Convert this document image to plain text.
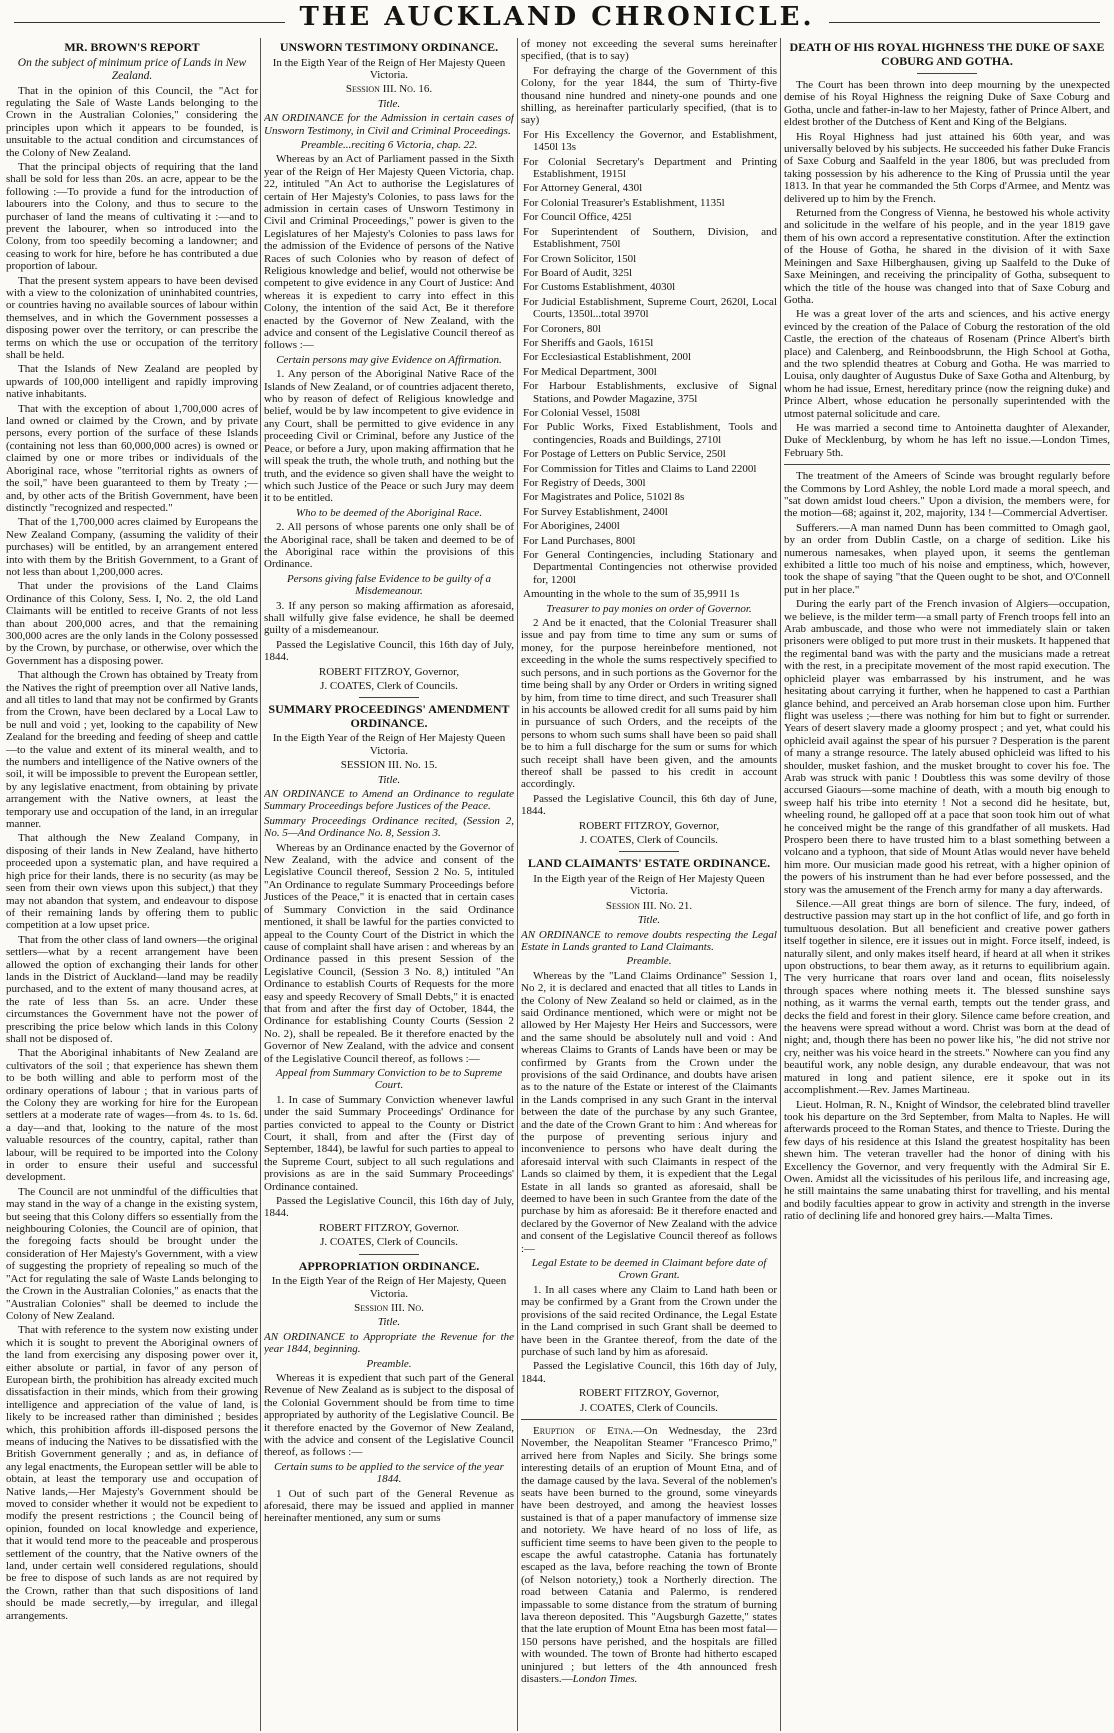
THE AUCKLAND CHRONICLE.
MR. BROWN'S REPORT
On the subject of minimum price of Lands in New Zealand.

That in the opinion of this Council, the "Act for regulating the Sale of Waste Lands belonging to the Crown in the Australian Colonies," considering the principles upon which it appears to be founded, is unsuitable to the actual condition and circumstances of the Colony of New Zealand.

That the principal objects of requiring that the land shall be sold for less than 20s. an acre, appear to be the following :—To provide a fund for the introduction of labourers into the Colony, and thus to secure to the purchaser of land the means of cultivating it :—and to prevent the labourer, when so introduced into the Colony, from too speedily becoming a landowner; and ceasing to work for hire, before he has contributed a due proportion of labour.

That the present system appears to have been devised with a view to the colonization of uninhabited countries, or countries having no available sources of labour within themselves, and in which the Government possesses a disposing power over the territory, or can prescribe the terms on which the use or occupation of the territory shall be held.

That the Islands of New Zealand are peopled by upwards of 100,000 intelligent and rapidly improving native inhabitants.

That with the exception of about 1,700,000 acres of land owned or claimed by the Crown, and by private persons, every portion of the surface of these Islands (containing not less than 60,000,000 acres) is owned or claimed by one or more tribes or individuals of the Aboriginal race, whose "territorial rights as owners of the soil," have been guaranteed to them by Treaty ;—and, by other acts of the British Government, have been distinctly "recognized and respected."

That of the 1,700,000 acres claimed by Europeans the New Zealand Company, (assuming the validity of their purchases) will be entitled, by an arrangement entered into with them by the British Government, to a Grant of not less than about 1,200,000 acres.

That under the provisions of the Land Claims Ordinance of this Colony, Sess. I, No. 2, the old Land Claimants will be entitled to receive Grants of not less than about 200,000 acres, and that the remaining 300,000 acres are the only lands in the Colony possessed by the Crown, by purchase, or otherwise, over which the Government has a disposing power.

That although the Crown has obtained by Treaty from the Natives the right of preemption over all Native lands, and all titles to land that may not be confirmed by Grants from the Crown, have been declared by a Local Law to be null and void ; yet, looking to the capability of New Zealand for the breeding and feeding of sheep and cattle—to the value and extent of its mineral wealth, and to the numbers and intelligence of the Native owners of the soil, it will be impossible to prevent the European settler, by any legislative enactment, from obtaining by private arrangement with the Native owners, at least the temporary use and occupation of the land, in an irregular manner.

That although the New Zealand Company, in disposing of their lands in New Zealand, have hitherto proceeded upon a systematic plan, and have required a high price for their lands, there is no security (as may be seen from their own views upon this subject,) that they may not abandon that system, and endeavour to dispose of their remaining lands by offering them to public competition at a low upset price.

That from the other class of land owners—the original settlers—what by a recent arrangement have been allowed the option of exchanging their lands for other lands in the District of Auckland—land may be readily purchased, and to the extent of many thousand acres, at the rate of less than 5s. an acre. Under these circumstances the Government have not the power of prescribing the price below which lands in this Colony shall not be disposed of.

That the Aboriginal inhabitants of New Zealand are cultivators of the soil ; that experience has shewn them to be both willing and able to perform most of the ordinary operations of labour ; that in various parts of the Colony they are working for hire for the European settlers at a moderate rate of wages—from 4s. to 1s. 6d. a day—and that, looking to the nature of the most valuable resources of the country, capital, rather than labour, will be required to be imported into the Colony in order to ensure their useful and successful development.

The Council are not unmindful of the difficulties that may stand in the way of a change in the existing system, but seeing that this Colony differs so essentially from the neighbouring Colonies, the Council are of opinion, that the foregoing facts should be brought under the consideration of Her Majesty's Government, with a view of suggesting the propriety of repealing so much of the "Act for regulating the sale of Waste Lands belonging to the Crown in the Australian Colonies," as enacts that the "Australian Colonies" shall be deemed to include the Colony of New Zealand.

That with reference to the system now existing under which it is sought to prevent the Aboriginal owners of the land from exercising any disposing power over it, either absolute or partial, in favor of any person of European birth, the prohibition has already excited much dissatisfaction in their minds, which from their growing intelligence and appreciation of the value of land, is likely to be increased rather than diminished ; besides which, this prohibition affords ill-disposed persons the means of inducing the Natives to be dissatisfied with the British Government generally ; and as, in defiance of any legal enactments, the European settler will be able to obtain, at least the temporary use and occupation of Native lands,—Her Majesty's Government should be moved to consider whether it would not be expedient to modify the present restrictions ; the Council being of opinion, founded on local knowledge and experience, that it would tend more to the peaceable and prosperous settlement of the country, that the Native owners of the land, under certain well considered regulations, should be free to dispose of such lands as are not required by the Crown, rather than that such dispositions of land should be made secretly,—by irregular, and illegal arrangements.

UNSWORN TESTIMONY ORDINANCE.

In the Eigth Year of the Reign of Her Majesty Queen Victoria.

Session III. No. 16.

Title.

AN ORDINANCE for the Admission in certain cases of Unsworn Testimony, in Civil and Criminal Proceedings.

Preamble...reciting 6 Victoria, chap. 22.

Whereas by an Act of Parliament passed in the Sixth year of the Reign of Her Majesty Queen Victoria, chap. 22, intituled "An Act to authorise the Legislatures of certain of Her Majesty's Colonies, to pass laws for the admission in certain cases of Unsworn Testimony in Civil and Criminal Proceedings," power is given to the Legislatures of her Majesty's Colonies to pass laws for the admission of the Evidence of persons of the Native Races of such Colonies who by reason of defect of Religious knowledge and belief, would not otherwise be competent to give evidence in any Court of Justice: And whereas it is expedient to carry into effect in this Colony, the intention of the said Act, Be it therefore enacted by the Governor of New Zealand, with the advice and consent of the Legislative Council thereof as follows :—

Certain persons may give Evidence on Affirmation.

1. Any person of the Aboriginal Native Race of the Islands of New Zealand, or of countries adjacent thereto, who by reason of defect of Religious knowledge and belief, would be by law incompetent to give evidence in any Court, shall be permitted to give evidence in any proceeding Civil or Criminal, before any Justice of the Peace, or before a Jury, upon making affirmation that he will speak the truth, the whole truth, and nothing but the truth, and the evidence so given shall have the weight to which such Justice of the Peace or such Jury may deem it to be entitled.

Who to be deemed of the Aboriginal Race.

2. All persons of whose parents one only shall be of the Aboriginal race, shall be taken and deemed to be of the Aboriginal race within the provisions of this Ordinance.

Persons giving false Evidence to be guilty of a Misdemeanour.

3. If any person so making affirmation as aforesaid, shall wilfully give false evidence, he shall be deemed guilty of a misdemeanour.

Passed the Legislative Council, this 16th day of July, 1844.

ROBERT FITZROY, Governor,

J. COATES, Clerk of Councils.

SUMMARY PROCEEDINGS' AMENDMENT ORDINANCE.

In the Eigth Year of the Reign of Her Majesty Queen Victoria.

SESSION III. No. 15.

Title.

AN ORDINANCE to Amend an Ordinance to regulate Summary Proceedings before Justices of the Peace.

Summary Proceedings Ordinance recited, (Session 2, No. 5—And Ordinance No. 8, Session 3.

Whereas by an Ordinance enacted by the Governor of New Zealand, with the advice and consent of the Legislative Council thereof, Session 2 No. 5, intituled "An Ordinance to regulate Summary Proceedings before Justices of the Peace," it is enacted that in certain cases of Summary Conviction in the said Ordinance mentioned, it shall be lawful for the parties convicted to appeal to the County Court of the District in which the cause of complaint shall have arisen : and whereas by an Ordinance passed in this present Session of the Legislative Council, (Session 3 No. 8,) intituled "An Ordinance to establish Courts of Requests for the more easy and speedy Recovery of Small Debts," it is enacted that from and after the first day of October, 1844, the Ordinance for establishing County Courts (Session 2 No. 2), shall be repealed. Be it therefore enacted by the Governor of New Zealand, with the advice and consent of the Legislative Council thereof, as follows :—

Appeal from Summary Conviction to be to Supreme Court.

1. In case of Summary Conviction whenever lawful under the said Summary Proceedings' Ordinance for parties convicted to appeal to the County or District Court, it shall, from and after the (First day of September, 1844), be lawful for such parties to appeal to the Supreme Court, subject to all such regulations and provisions as are in the said Summary Proceedings' Ordinance contained.

Passed the Legislative Council, this 16th day of July, 1844.

ROBERT FITZROY, Governor.

J. COATES, Clerk of Councils.

APPROPRIATION ORDINANCE.

In the Eigth Year of the Reign of Her Majesty, Queen Victoria.

Session III. No.

Title.

AN ORDINANCE to Appropriate the Revenue for the year 1844, beginning.

Preamble.

Whereas it is expedient that such part of the General Revenue of New Zealand as is subject to the disposal of the Colonial Government should be from time to time appropriated by authority of the Legislative Council. Be it therefore enacted by the Governor of New Zealand, with the advice and consent of the Legislative Council thereof, as follows :—

Certain sums to be applied to the service of the year 1844.

1 Out of such part of the General Revenue as aforesaid, there may be issued and applied in manner hereinafter mentioned, any sum or sums

of money not exceeding the several sums hereinafter specified, (that is to say)

For defraying the charge of the Government of this Colony, for the year 1844, the sum of Thirty-five thousand nine hundred and ninety-one pounds and one shilling, as hereinafter particularly specified, (that is to say)

For His Excellency the Governor, and Establishment, 1450l 13s

For Colonial Secretary's Department and Printing Establishment, 1915l

For Attorney General, 430l

For Colonial Treasurer's Establishment, 1135l

For Council Office, 425l

For Superintendent of Southern, Division, and Establishment, 750l

For Crown Solicitor, 150l

For Board of Audit, 325l

For Customs Establishment, 4030l

For Judicial Establishment, Supreme Court, 2620l, Local Courts, 1350l...total 3970l

For Coroners, 80l

For Sheriffs and Gaols, 1615l

For Ecclesiastical Establishment, 200l

For Medical Department, 300l

For Harbour Establishments, exclusive of Signal Stations, and Powder Magazine, 375l

For Colonial Vessel, 1508l

For Public Works, Fixed Establishment, Tools and contingencies, Roads and Buildings, 2710l

For Postage of Letters on Public Service, 250l

For Commission for Titles and Claims to Land 2200l

For Registry of Deeds, 300l

For Magistrates and Police, 5102l 8s

For Survey Establishment, 2400l

For Aborigines, 2400l

For Land Purchases, 800l

For General Contingencies, including Stationary and Departmental Contingencies not otherwise provided for, 1200l

Amounting in the whole to the sum of 35,991l 1s

Treasurer to pay monies on order of Governor.

2 And be it enacted, that the Colonial Treasurer shall issue and pay from time to time any sum or sums of money, for the purpose hereinbefore mentioned, not exceeding in the whole the sums respectively specified to such persons, and in such portions as the Governor for the time being shall by any Order or Orders in writing signed by him, from time to time direct, and such Treasurer shall in his accounts be allowed credit for all sums paid by him in pursuance of such Orders, and the receipts of the persons to whom such sums shall have been so paid shall be to him a full discharge for the sum or sums for which such receipt shall have been given, and the amounts thereof shall be passed to his credit in account accordingly.

Passed the Legislative Council, this 6th day of June, 1844.

ROBERT FITZROY, Governor,

J. COATES, Clerk of Councils.

LAND CLAIMANTS' ESTATE ORDINANCE.

In the Eigth year of the Reign of Her Majesty Queen Victoria.

Session III. No. 21.

Title.

AN ORDINANCE to remove doubts respecting the Legal Estate in Lands granted to Land Claimants.

Preamble.

Whereas by the "Land Claims Ordinance" Session 1, No 2, it is declared and enacted that all titles to Lands in the Colony of New Zealand so held or claimed, as in the said Ordinance mentioned, which were or might not be allowed by Her Majesty Her Heirs and Successors, were and the same should be absolutely null and void : And whereas Claims to Grants of Lands have been or may be confirmed by Grants from the Crown under the provisions of the said Ordinance, and doubts have arisen as to the nature of the Estate or interest of the Claimants in the Lands comprised in any such Grant in the interval between the date of the purchase by any such Grantee, and the date of the Crown Grant to him : And whereas for the purpose of preventing serious injury and inconvenience to persons who have dealt during the aforesaid interval with such Claimants in respect of the Lands so claimed by them, it is expedient that the Legal Estate in all lands so granted as aforesaid, shall be deemed to have been in such Grantee from the date of the purchase by him as aforesaid: Be it therefore enacted and declared by the Governor of New Zealand with the advice and consent of the Legislative Council thereof as follows :—

Legal Estate to be deemed in Claimant before date of Crown Grant.

1. In all cases where any Claim to Land hath been or may be confirmed by a Grant from the Crown under the provisions of the said recited Ordinance, the Legal Estate in the Land comprised in such Grant shall be deemed to have been in the Grantee thereof, from the date of the purchase of such land by him as aforesaid.

Passed the Legislative Council, this 16th day of July, 1844.

ROBERT FITZROY, Governor,

J. COATES, Clerk of Councils.

Eruption of Etna.—On Wednesday, the 23rd November, the Neapolitan Steamer "Francesco Primo," arrived here from Naples and Sicily. She brings some interesting details of an eruption of Mount Etna, and of the damage caused by the lava. Several of the noblemen's seats have been burned to the ground, some vineyards have been destroyed, and among the heaviest losses sustained is that of a paper manufactory of immense size and notoriety. We have heard of no loss of life, as sufficient time seems to have been given to the people to escape the awful catastrophe. Catania has fortunately escaped as the lava, before reaching the town of Bronte (of Nelson notoriety,) took a Northerly direction. The road between Catania and Palermo, is rendered impassable to some distance from the stratum of burning lava thereon deposited. This "Augsburgh Gazette," states that the late eruption of Mount Etna has been most fatal—150 persons have perished, and the hospitals are filled with wounded. The town of Bronte had hitherto escaped uninjured ; but letters of the 4th announced fresh disasters.—London Times.

DEATH OF HIS ROYAL HIGHNESS THE DUKE OF SAXE COBURG AND GOTHA.

The Court has been thrown into deep mourning by the unexpected demise of his Royal Highness the reigning Duke of Saxe Coburg and Gotha, uncle and father-in-law to her Majesty, father of Prince Albert, and eldest brother of the Dutchess of Kent and King of the Belgians.

His Royal Highness had just attained his 60th year, and was universally beloved by his subjects. He succeeded his father Duke Francis of Saxe Coburg and Saalfeld in the year 1806, but was precluded from taking possession by his adherence to the King of Prussia until the year 1813. In that year he commanded the 5th Corps d'Armee, and Mentz was delivered up to him by the French.

Returned from the Congress of Vienna, he bestowed his whole activity and solicitude in the welfare of his people, and in the year 1819 gave them of his own accord a representative constitution. After the extinction of the House of Gotha, he shared in the division of it with Saxe Meiningen and Saxe Hilberghausen, giving up Saalfeld to the Duke of Saxe Meiningen, and receiving the principality of Gotha, subsequent to which the title of the house was changed into that of Saxe Coburg and Gotha.

He was a great lover of the arts and sciences, and his active energy evinced by the creation of the Palace of Coburg the restoration of the old Castle, the erection of the chateaus of Rosenam (Prince Albert's birth place) and Calenberg, and Reinboodsbrunn, the High School at Gotha, and the two splendid theatres at Coburg and Gotha. He was married to Louisa, only daughter of Augustus Duke of Saxe Gotha and Altenburg, by whom he had issue, Ernest, hereditary prince (now the reigning duke) and Prince Albert, whose education he personally superintended with the utmost paternal solicitude and care.

He was married a second time to Antoinetta daughter of Alexander, Duke of Mecklenburg, by whom he has left no issue.—London Times, February 5th.

The treatment of the Ameers of Scinde was brought regularly before the Commons by Lord Ashley, the noble Lord made a moral speech, and "sat down amidst loud cheers." Upon a division, the members were, for the motion—68; against it, 202, majority, 134 !—Commercial Advertiser.

Sufferers.—A man named Dunn has been committed to Omagh gaol, by an order from Dublin Castle, on a charge of sedition. Like his numerous namesakes, when played upon, it seems the gentleman exhibited a little too much of his noise and emptiness, which, however, took the shape of saying "that the Queen ought to be shot, and O'Connell put in her place."

During the early part of the French invasion of Algiers—occupation, we believe, is the milder term—a small party of French troops fell into an Arab ambuscade, and those who were not immediately slain or taken prisoners were obliged to put more trust in their muskets. It happened that the regimental band was with the party and the musicians made a retreat with the rest, in a precipitate movement of the most rapid execution. The ophicleid player was embarrassed by his instrument, and he was hesitating about carrying it further, when he happened to cast a Parthian glance behind, and perceived an Arab horseman close upon him. Further flight was useless ;—there was nothing for him but to fight or surrender. Years of desert slavery made a gloomy prospect ; and yet, what could his ophicleid avail against the spear of his pursuer ? Desperation is the parent of many a strange resource. The lately abused ophicleid was lifted to his shoulder, musket fashion, and the musket brought to cover his foe. The Arab was struck with panic ! Doubtless this was some devilry of those accursed Giaours—some machine of death, with a mouth big enough to sweep half his tribe into eternity ! Not a second did he hesitate, but, wheeling round, he galloped off at a pace that soon took him out of what he conceived might be the range of this grandfather of all muskets. Had Prospero been there to have trusted him to a blast something between a volcano and a typhoon, that side of Mount Atlas would never have beheld him more. Our musician made good his retreat, with a higher opinion of the powers of his instrument than he had ever before possessed, and the story was the amusement of the French army for many a day afterwards.

Silence.—All great things are born of silence. The fury, indeed, of destructive passion may start up in the hot conflict of life, and go forth in tumultuous desolation. But all beneficient and creative power gathers itself together in silence, ere it issues out in might. Force itself, indeed, is naturally silent, and only makes itself heard, if heard at all when it strikes upon obstructions, to bear them away, as it returns to equilibrium again. The very hurricane that roars over land and ocean, flits noiselessly through spaces where nothing meets it. The blessed sunshine says nothing, as it warms the vernal earth, tempts out the tender grass, and decks the field and forest in their glory. Silence came before creation, and the heavens were spread without a word. Christ was born at the dead of night; and, though there has been no power like his, "he did not strive nor cry, neither was his voice heard in the streets." Nowhere can you find any beautiful work, any noble design, any durable endeavour, that was not matured in long and patient silence, ere it spoke out in its accomplishment.—Rev. James Martineau.

Lieut. Holman, R. N., Knight of Windsor, the celebrated blind traveller took his departure on the 3rd September, from Malta to Naples. He will afterwards proceed to the Roman States, and thence to Trieste. During the few days of his residence at this Island the greatest hospitality has been shewn him. The veteran traveller had the honor of dining with his Excellency the Governor, and very frequently with the Admiral Sir E. Owen. Amidst all the vicissitudes of his perilous life, and increasing age, he still maintains the same unabating thirst for travelling, and his mental and bodily faculties appear to grow in activity and strength in the inverse ratio of declining life and honored grey hairs.—Malta Times.
